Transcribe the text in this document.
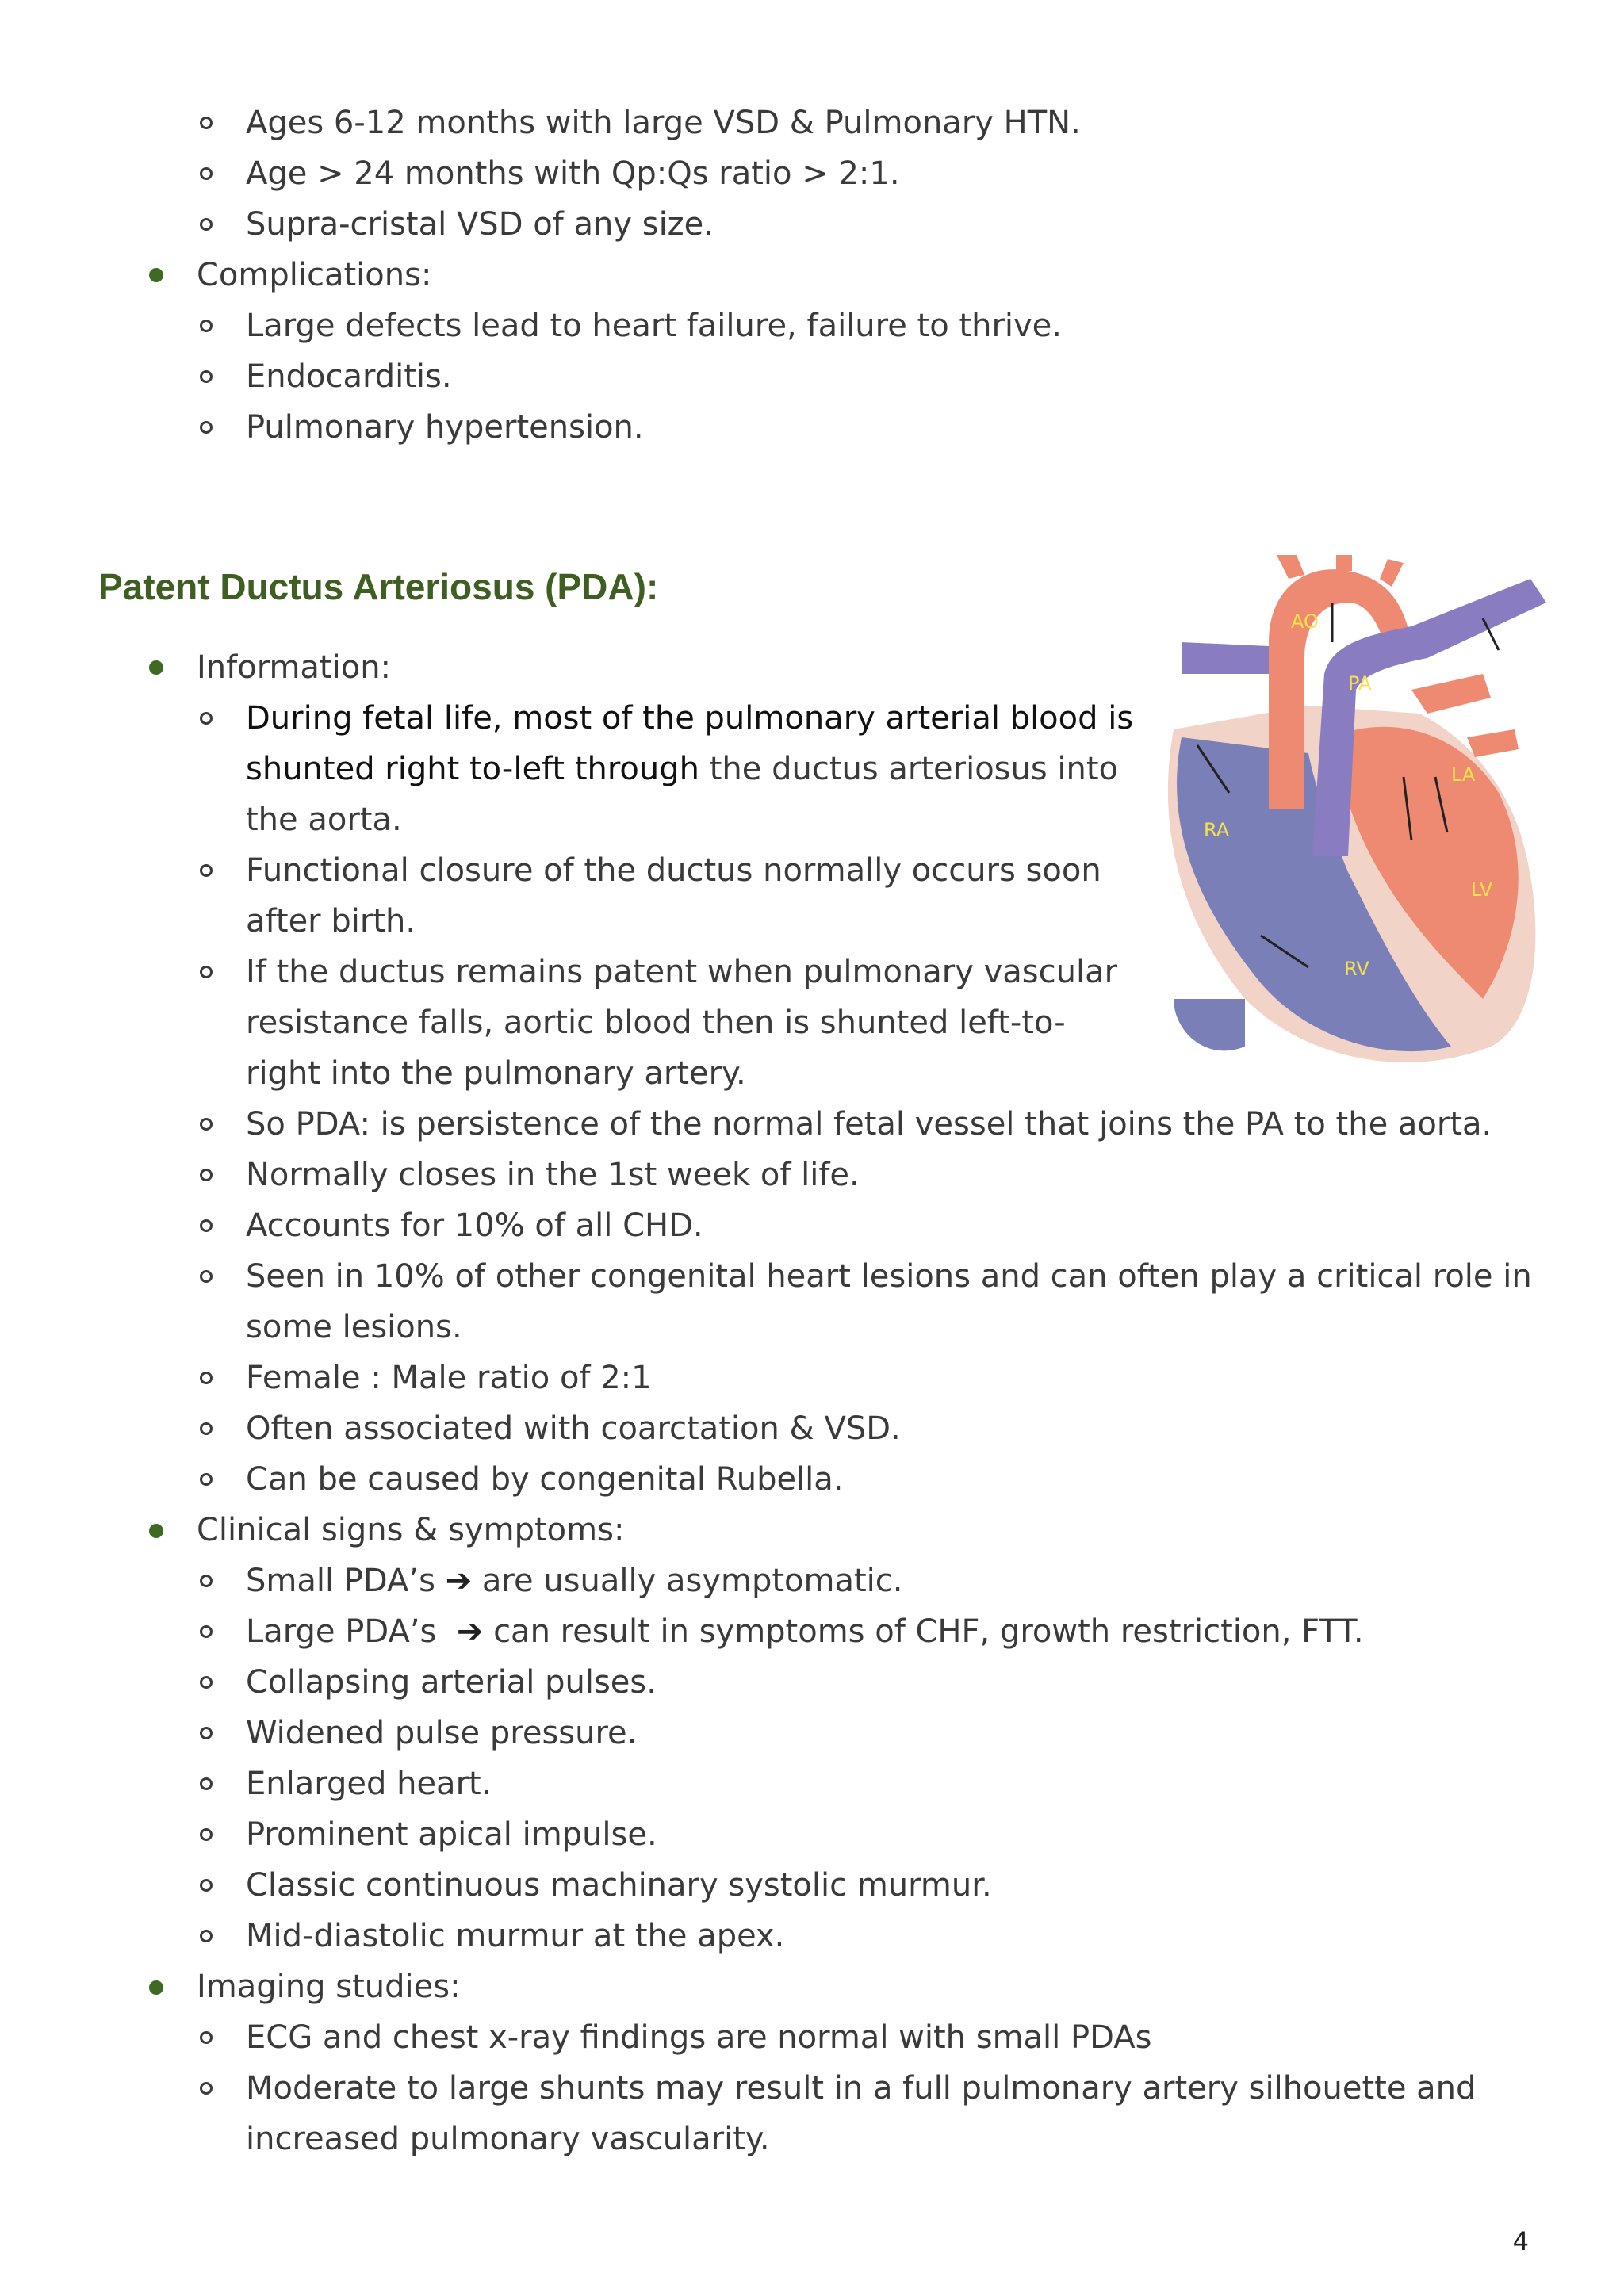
Ages 6-12 months with large VSD & Pulmonary HTN.
Age > 24 months with Qp:Qs ratio > 2:1.
Supra-cristal VSD of any size.
Complications:
Large defects lead to heart failure, failure to thrive.
Endocarditis.
Pulmonary hypertension.
Patent Ductus Arteriosus (PDA):
Information:
During fetal life, most of the pulmonary arterial blood is
shunted right to-left through the ductus arteriosus into
the aorta.
Functional closure of the ductus normally occurs soon
after birth.
If the ductus remains patent when pulmonary vascular
resistance falls, aortic blood then is shunted left-to-
right into the pulmonary artery.
So PDA: is persistence of the normal fetal vessel that joins the PA to the aorta.
Normally closes in the 1st week of life.
Accounts for 10% of all CHD.
Seen in 10% of other congenital heart lesions and can often play a critical role in
some lesions.
Female : Male ratio of 2:1
Often associated with coarctation & VSD.
Can be caused by congenital Rubella.
Clinical signs & symptoms:
Small PDA’s ➔ are usually asymptomatic.
Large PDA’s ➔ can result in symptoms of CHF, growth restriction, FTT.
Collapsing arterial pulses.
Widened pulse pressure.
Enlarged heart.
Prominent apical impulse.
Classic continuous machinary systolic murmur.
Mid-diastolic murmur at the apex.
Imaging studies:
ECG and chest x-ray findings are normal with small PDAs
Moderate to large shunts may result in a full pulmonary artery silhouette and
increased pulmonary vascularity.
AO
PA
LA
RA
LV
RV
4
